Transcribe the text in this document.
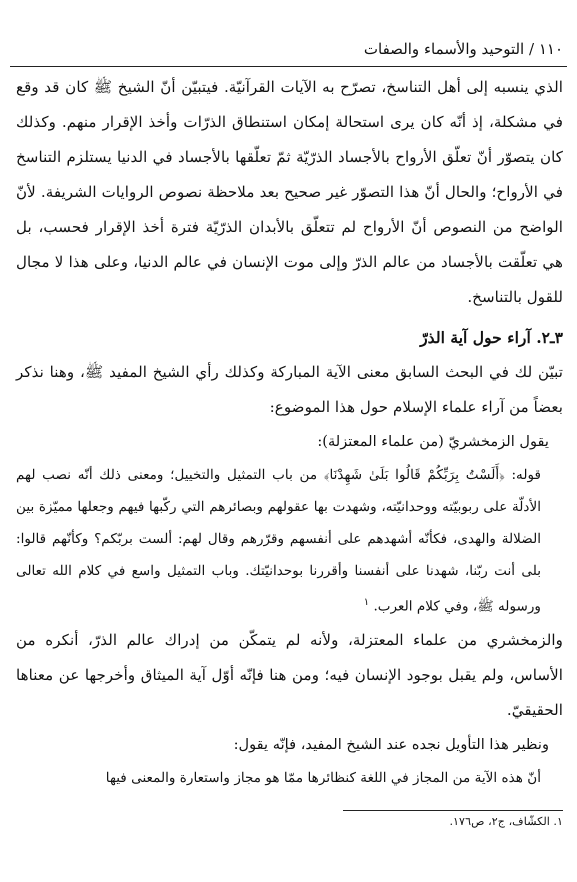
١١٠ / التوحيد والأسماء والصفات

الذي ينسبه إلى أهل التناسخ، تصرّح به الآيات القرآنيّة. فيتبيّن أنّ الشيخ ﷺ كان قد وقع في مشكلة، إذ أنّه كان يرى استحالة إمكان استنطاق الذرّات وأخذ الإقرار منهم. وكذلك كان يتصوّر أنّ تعلّق الأرواح بالأجساد الذرّيّة ثمّ تعلّقها بالأجساد في الدنيا يستلزم التناسخ في الأرواح؛ والحال أنّ هذا التصوّر غير صحيح بعد ملاحظة نصوص الروايات الشريفة. لأنّ الواضح من النصوص أنّ الأرواح لم تتعلّق بالأبدان الذرّيّة فترة أخذ الإقرار فحسب، بل هي تعلّقت بالأجساد من عالم الذرّ وإلى موت الإنسان في عالم الدنيا، وعلى هذا لا مجال للقول بالتناسخ.

٣ـ٢. آراء حول آية الذرّ

تبيّن لك في البحث السابق معنى الآية المباركة وكذلك رأي الشيخ المفيد ﷺ، وهنا نذكر بعضاً من آراء علماء الإسلام حول هذا الموضوع:

يقول الزمخشريّ (من علماء المعتزلة):

قوله: ﴿أَلَسْتُ بِرَبِّكُمْ قَالُوا بَلَىٰ شَهِدْنَا﴾ من باب التمثيل والتخييل؛ ومعنى ذلك أنّه نصب لهم الأدلّة على ربوبيّته ووحدانيّته، وشهدت بها عقولهم وبصائرهم التي ركّبها فيهم وجعلها مميّزة بين الضلالة والهدى، فكأنّه أشهدهم على أنفسهم وقرّرهم وقال لهم: ألست بربّكم؟ وكأنّهم قالوا: بلى أنت ربّنا، شهدنا على أنفسنا وأقررنا بوحدانيّتك. وباب التمثيل واسع في كلام الله تعالى ورسوله ﷺ، وفي كلام العرب. $^١$

والزمخشري من علماء المعتزلة، ولأنه لم يتمكّن من إدراك عالم الذرّ، أنكره من الأساس، ولم يقبل بوجود الإنسان فيه؛ ومن هنا فإنّه أوّل آية الميثاق وأخرجها عن معناها الحقيقيّ.

ونظير هذا التأويل نجده عند الشيخ المفيد، فإنّه يقول:

أنّ هذه الآية من المجاز في اللغة كنظائرها ممّا هو مجاز واستعارة والمعنى فيها

١. الكشّاف، ج٢، ص١٧٦.
